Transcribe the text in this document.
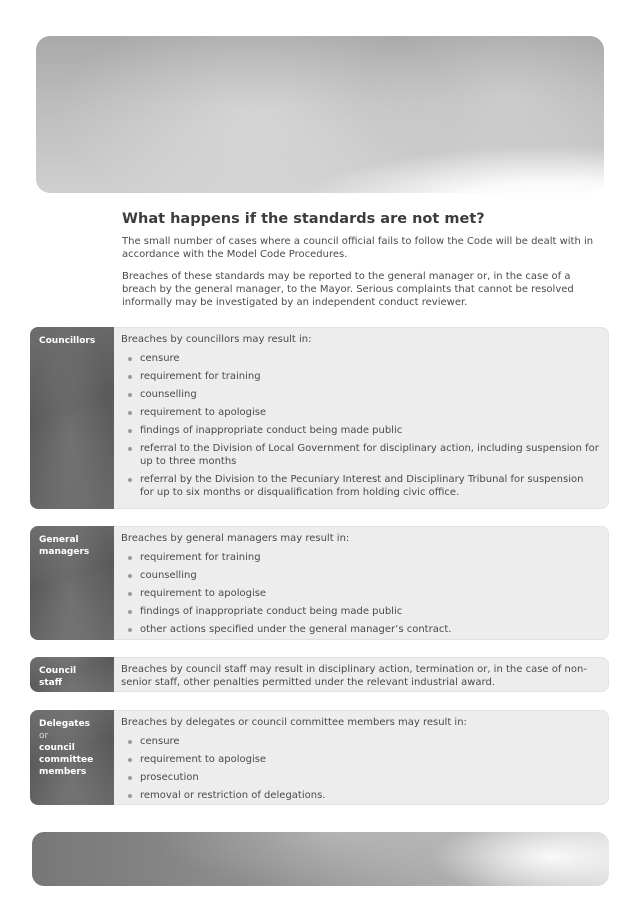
What happens if the standards are not met?

The small number of cases where a council official fails to follow the Code will be dealt with in accordance with the Model Code Procedures.

Breaches of these standards may be reported to the general manager or, in the case of a breach by the general manager, to the Mayor. Serious complaints that cannot be resolved informally may be investigated by an independent conduct reviewer.

Councillors	Breaches by councillors may result in:

censure
requirement for training
counselling
requirement to apologise
findings of inappropriate conduct being made public
referral to the Division of Local Government for disciplinary action, including suspension for up to three months
referral by the Division to the Pecuniary Interest and Disciplinary Tribunal for suspension for up to six months or disqualification from holding civic office.
General
managers

Breaches by general managers may result in:

requirement for training
counselling
requirement to apologise
findings of inappropriate conduct being made public
other actions specified under the general manager’s contract.
Council
staff

Breaches by council staff may result in disciplinary action, termination or, in the case of non-senior staff, other penalties permitted under the relevant industrial award.

Delegates
or
council
committee
members

Breaches by delegates or council committee members may result in:

censure
requirement to apologise
prosecution
removal or restriction of delegations.
